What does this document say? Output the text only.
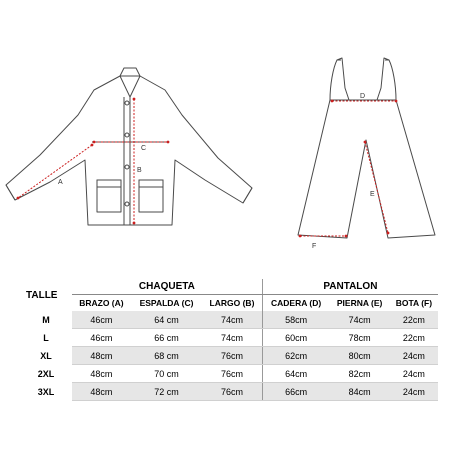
A
B
C
D
E
F
TALLE	CHAQUETA			PANTALON		
	BRAZO (A)	ESPALDA (C)	LARGO (B)	CADERA (D)	PIERNA (E)	BOTA (F)
M	46cm	64 cm	74cm	58cm	74cm	22cm
L	46cm	66 cm	74cm	60cm	78cm	22cm
XL	48cm	68 cm	76cm	62cm	80cm	24cm
2XL	48cm	70 cm	76cm	64cm	82cm	24cm
3XL	48cm	72 cm	76cm	66cm	84cm	24cm
